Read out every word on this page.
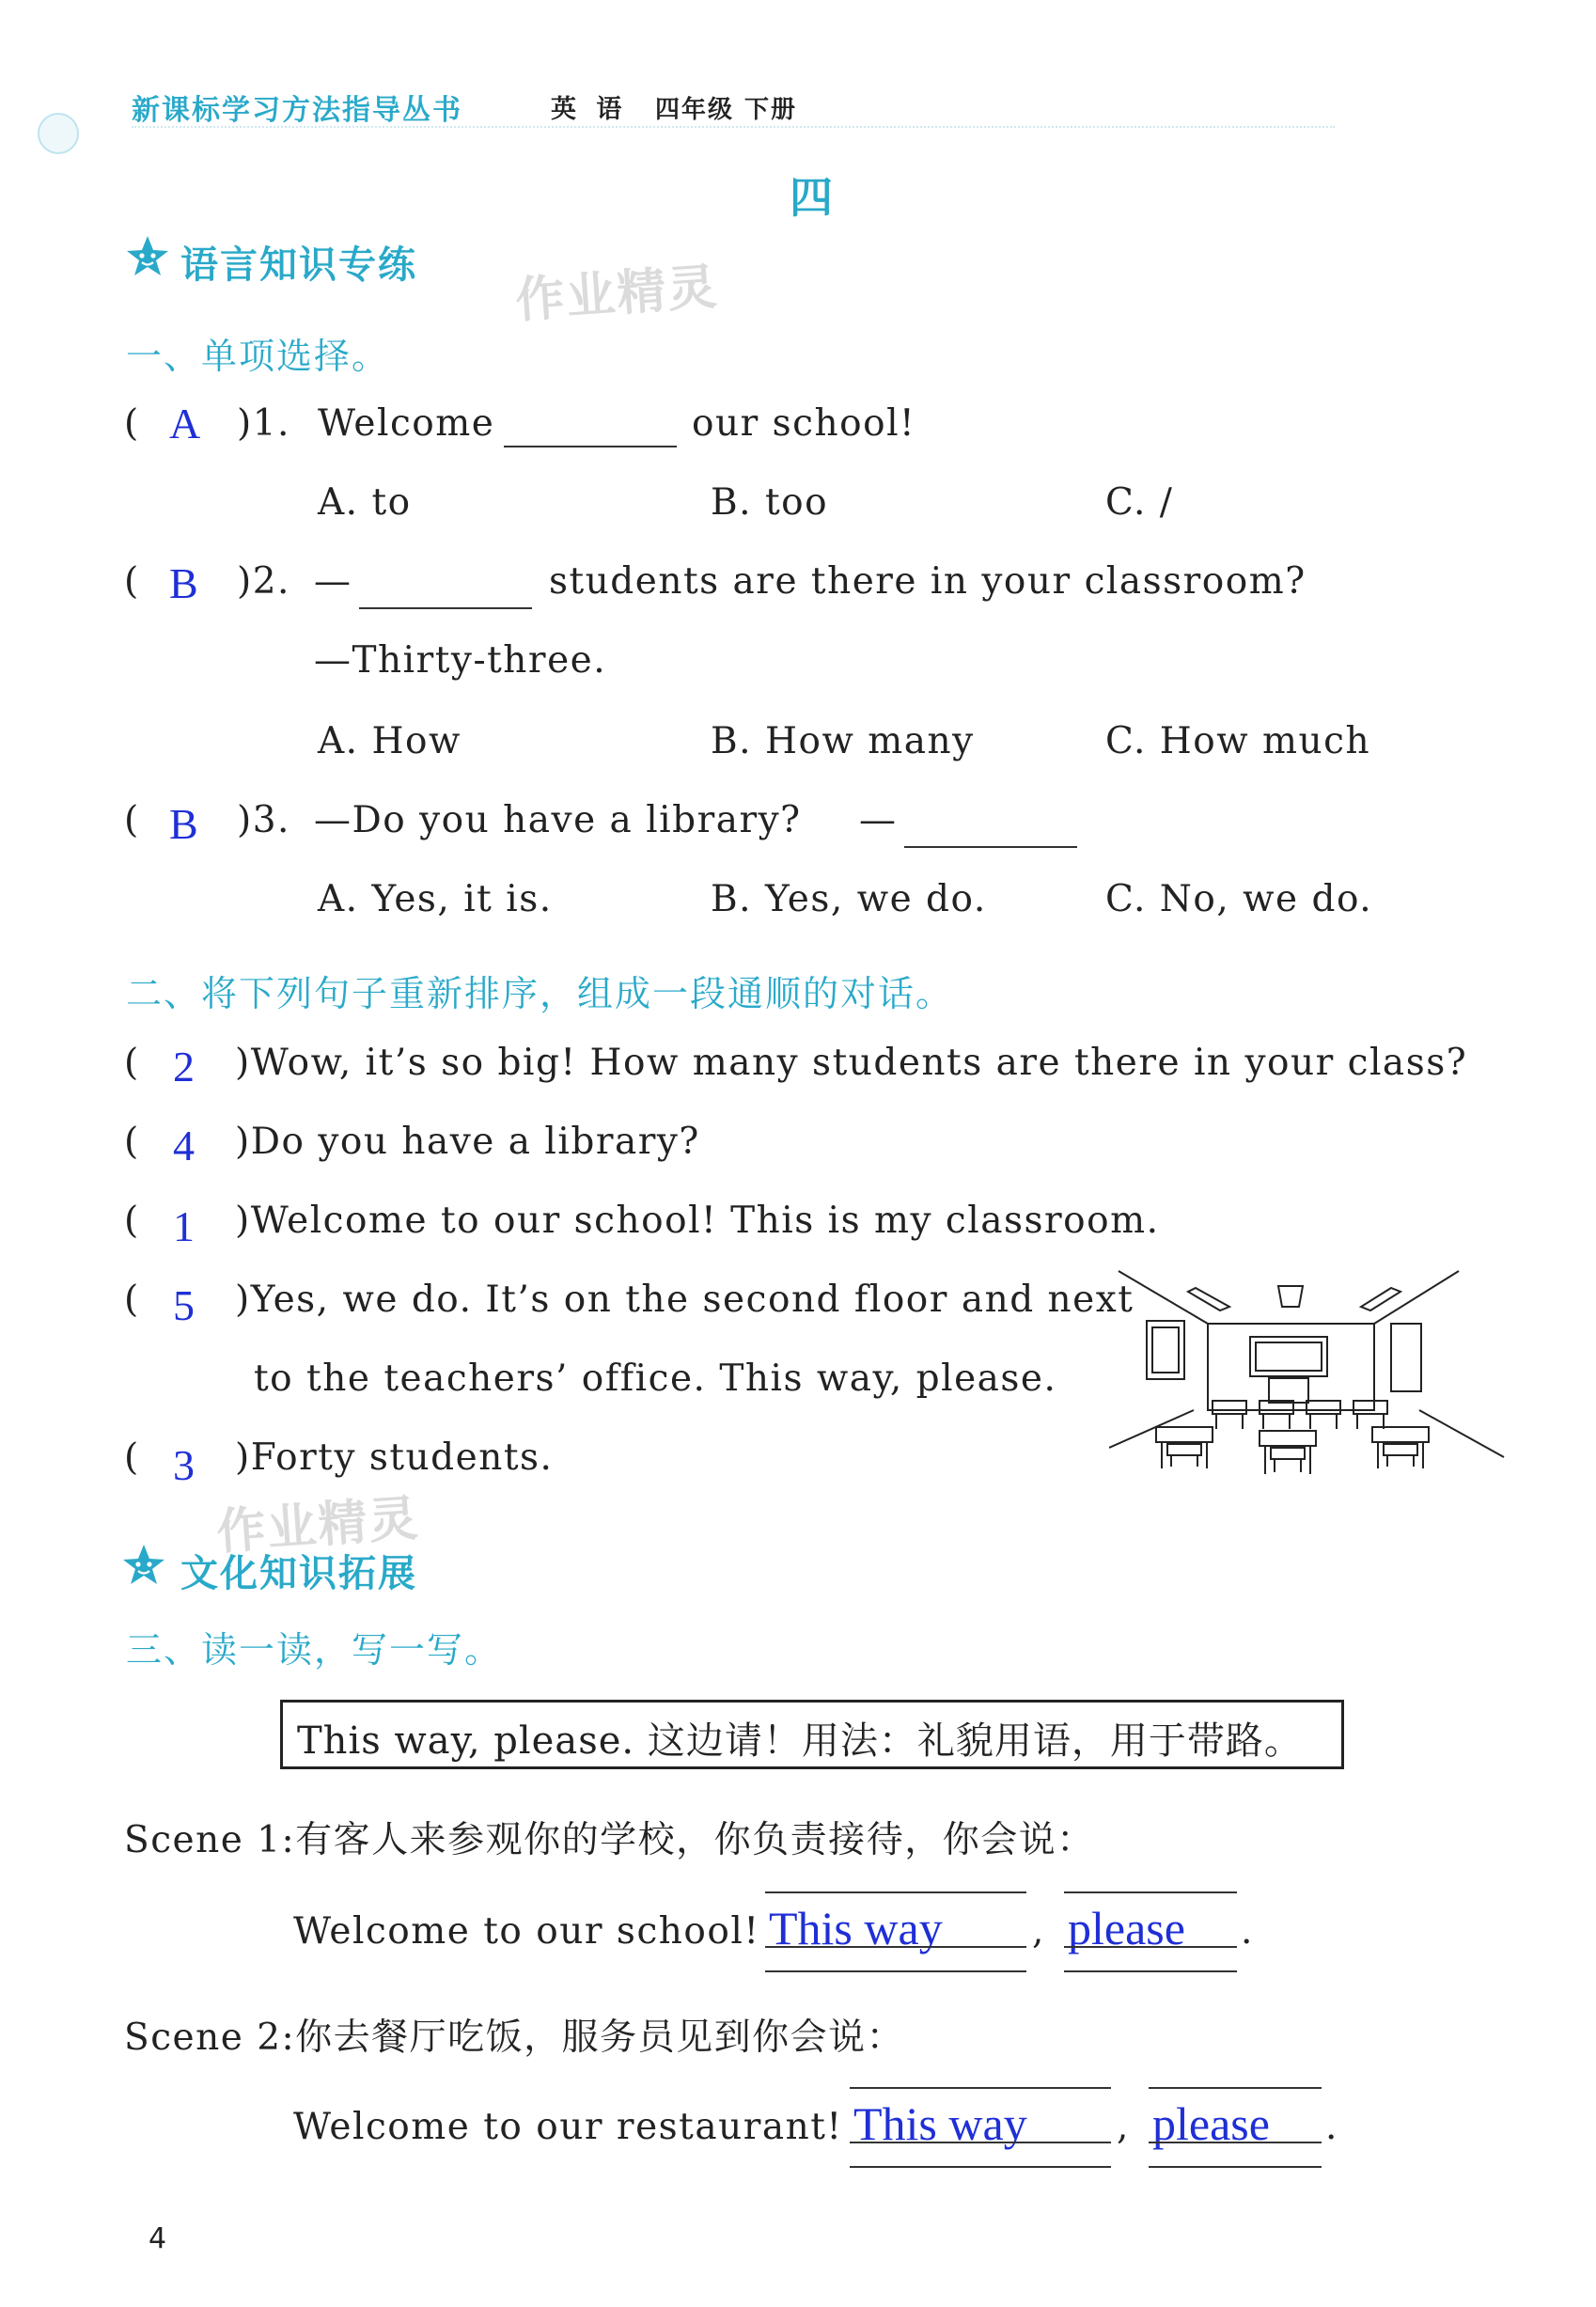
新课标学习方法指导丛书	英 语 四年级 下册
四
语言知识专练 作业精灵
一、单项选择。
( A )1. Welcome	our school!
A. to	B. too	C. /
( B )2. —	students are there in your classroom?
—Thirty-three.
A. How	B. How many	C. How much
( B )3. —Do you have a library? —
A. Yes, it is.	B. Yes, we do.	C. No, we do.
二、将下列句子重新排序，组成一段通顺的对话。
( 2 )Wow, it’s so big! How many students are there in your class?
( 4 )Do you have a library?
( 1 )Welcome to our school! This is my classroom.
( 5 )Yes, we do. It’s on the second floor and next
to the teachers’ office. This way, please.
( 3 )Forty students.
作业精灵
文化知识拓展
三、读一读，写一写。
This way, please. 这边请！用法：礼貌用语，用于带路。
Scene 1:有客人来参观你的学校，你负责接待，你会说：
Welcome to our school! This way , please .
Scene 2:你去餐厅吃饭，服务员见到你会说：
Welcome to our restaurant! This way , please .
4
